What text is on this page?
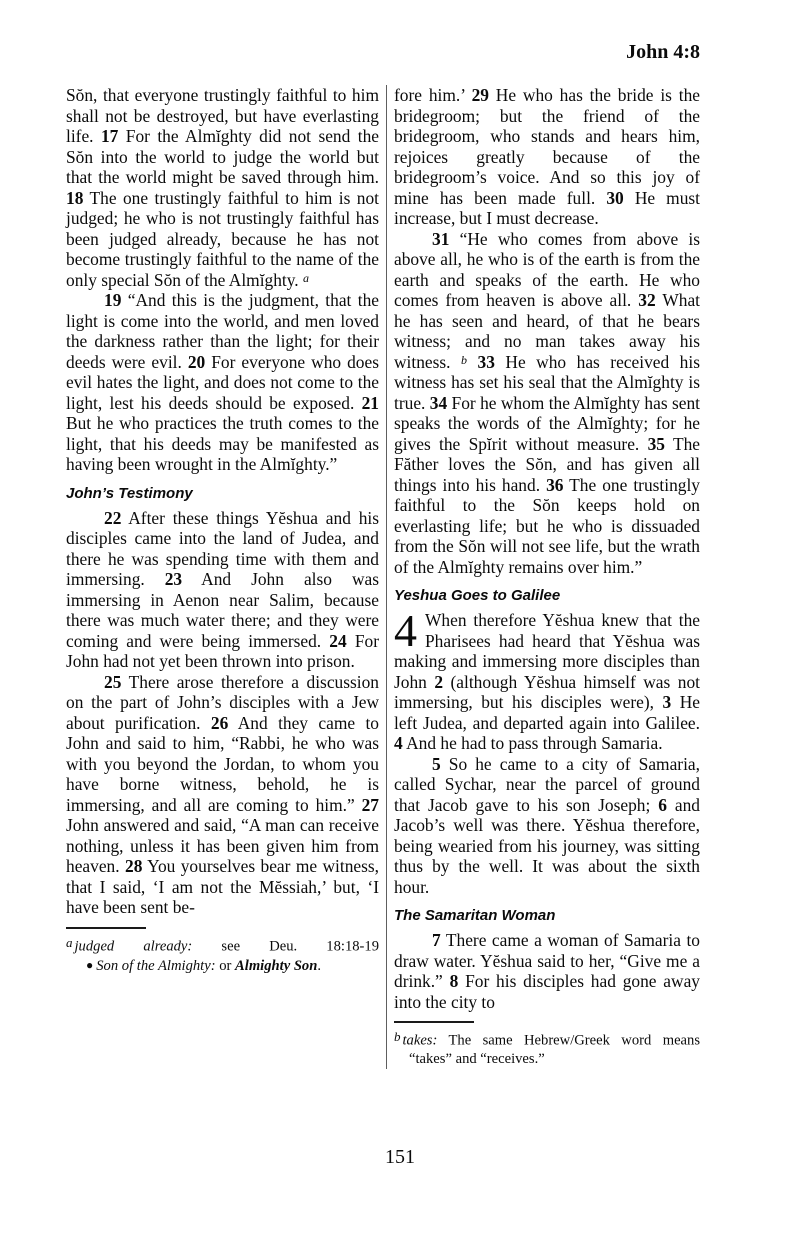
John 4:8

Sŏn, that everyone trustingly faithful to him shall not be destroyed, but have everlasting life. 17 For the Almĭghty did not send the Sŏn into the world to judge the world but that the world might be saved through him. 18 The one trustingly faithful to him is not judged; he who is not trustingly faithful has been judged already, because he has not become trustingly faithful to the name of the only special Sŏn of the Almĭghty. $^a$

19 “And this is the judgment, that the light is come into the world, and men loved the darkness rather than the light; for their deeds were evil. 20 For everyone who does evil hates the light, and does not come to the light, lest his deeds should be exposed. 21 But he who practices the truth comes to the light, that his deeds may be manifested as having been wrought in the Almĭghty.”

John’s Testimony

22 After these things Yĕshua and his disciples came into the land of Judea, and there he was spending time with them and immersing. 23 And John also was immersing in Aenon near Salim, because there was much water there; and they were coming and were being immersed. 24 For John had not yet been thrown into prison.

25 There arose therefore a discussion on the part of John’s disciples with a Jew about purification. 26 And they came to John and said to him, “Rabbi, he who was with you beyond the Jordan, to whom you have borne witness, behold, he is immersing, and all are coming to him.” 27 John answered and said, “A man can receive nothing, unless it has been given him from heaven. 28 You yourselves bear me witness, that I said, ‘I am not the Mĕssiah,’ but, ‘I have been sent be-

a judged already: see Deu. 18:18-19
● Son of the Almighty: or Almighty Son.

fore him.’ 29 He who has the bride is the bridegroom; but the friend of the bridegroom, who stands and hears him, rejoices greatly because of the bridegroom’s voice. And so this joy of mine has been made full. 30 He must increase, but I must decrease.

31 “He who comes from above is above all, he who is of the earth is from the earth and speaks of the earth. He who comes from heaven is above all. 32 What he has seen and heard, of that he bears witness; and no man takes away his witness. $^b$ 33 He who has received his witness has set his seal that the Almĭghty is true. 34 For he whom the Almĭghty has sent speaks the words of the Almĭghty; for he gives the Spĭrit without measure. 35 The Făther loves the Sŏn, and has given all things into his hand. 36 The one trustingly faithful to the Sŏn keeps hold on everlasting life; but he who is dissuaded from the Sŏn will not see life, but the wrath of the Almĭghty remains over him.”

Yeshua Goes to Galilee

4 When therefore Yĕshua knew that the Pharisees had heard that Yĕshua was making and immersing more disciples than John 2 (although Yĕshua himself was not immersing, but his disciples were), 3 He left Judea, and departed again into Galilee. 4 And he had to pass through Samaria.

5 So he came to a city of Samaria, called Sychar, near the parcel of ground that Jacob gave to his son Joseph; 6 and Jacob’s well was there. Yĕshua therefore, being wearied from his journey, was sitting thus by the well. It was about the sixth hour.

The Samaritan Woman

7 There came a woman of Samaria to draw water. Yĕshua said to her, “Give me a drink.” 8 For his disciples had gone away into the city to

b takes: The same Hebrew/Greek word means “takes” and “receives.”
151
